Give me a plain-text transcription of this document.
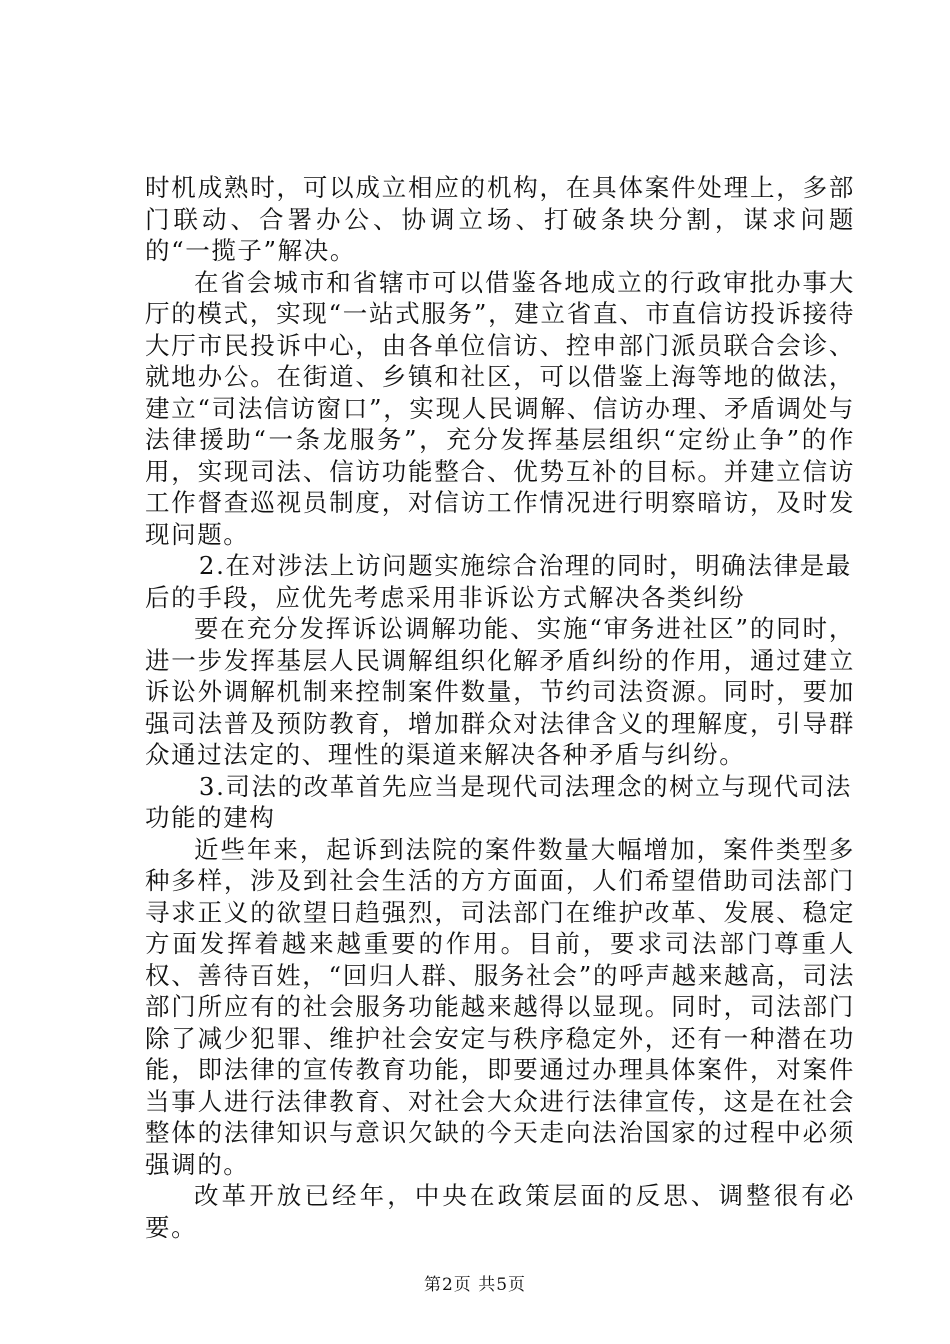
时机成熟时，可以成立相应的机构，在具体案件处理上，多部门联动、合署办公、协调立场、打破条块分割，谋求问题的“一揽子”解决。

在省会城市和省辖市可以借鉴各地成立的行政审批办事大厅的模式，实现“一站式服务”，建立省直、市直信访投诉接待大厅市民投诉中心，由各单位信访、控申部门派员联合会诊、就地办公。在街道、乡镇和社区，可以借鉴上海等地的做法，建立“司法信访窗口”，实现人民调解、信访办理、矛盾调处与法律援助“一条龙服务”，充分发挥基层组织“定纷止争”的作用，实现司法、信访功能整合、优势互补的目标。并建立信访工作督查巡视员制度，对信访工作情况进行明察暗访，及时发现问题。

2.在对涉法上访问题实施综合治理的同时，明确法律是最后的手段，应优先考虑采用非诉讼方式解决各类纠纷

要在充分发挥诉讼调解功能、实施“审务进社区”的同时，进一步发挥基层人民调解组织化解矛盾纠纷的作用，通过建立诉讼外调解机制来控制案件数量，节约司法资源。同时，要加强司法普及预防教育，增加群众对法律含义的理解度，引导群众通过法定的、理性的渠道来解决各种矛盾与纠纷。

3.司法的改革首先应当是现代司法理念的树立与现代司法功能的建构

近些年来，起诉到法院的案件数量大幅增加，案件类型多种多样，涉及到社会生活的方方面面，人们希望借助司法部门寻求正义的欲望日趋强烈，司法部门在维护改革、发展、稳定方面发挥着越来越重要的作用。目前，要求司法部门尊重人权、善待百姓，“回归人群、服务社会”的呼声越来越高，司法部门所应有的社会服务功能越来越得以显现。同时，司法部门除了减少犯罪、维护社会安定与秩序稳定外，还有一种潜在功能，即法律的宣传教育功能，即要通过办理具体案件，对案件当事人进行法律教育、对社会大众进行法律宣传，这是在社会整体的法律知识与意识欠缺的今天走向法治国家的过程中必须强调的。

改革开放已经年，中央在政策层面的反思、调整很有必要。

第2页 共5页
